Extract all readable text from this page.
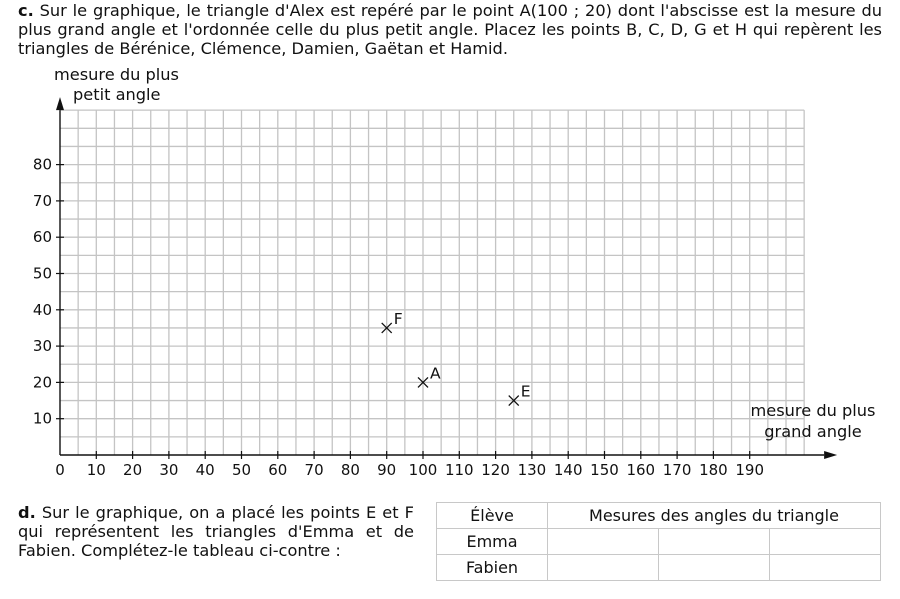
c. Sur le graphique, le triangle d'Alex est repéré par le point A(100 ; 20) dont l'abscisse est la mesure du plus grand angle et l'ordonnée celle du plus petit angle. Placez les points B, C, D, G et H qui repèrent les triangles de Bérénice, Clémence, Damien, Gaëtan et Hamid.

0 10 20 30 40 50 60 70 80 90 100 110 120 130 140 150 160 170 180 190
10
20
30
40
50
60
70
80
F
A
E
mesure du plus
petit angle
mesure du plus
grand angle

d. Sur le graphique, on a placé les points E et F qui représentent les triangles d'Emma et de Fabien. Complétez-le tableau ci-contre :

Élève	Mesures des angles du triangle		
Emma			
Fabien			
